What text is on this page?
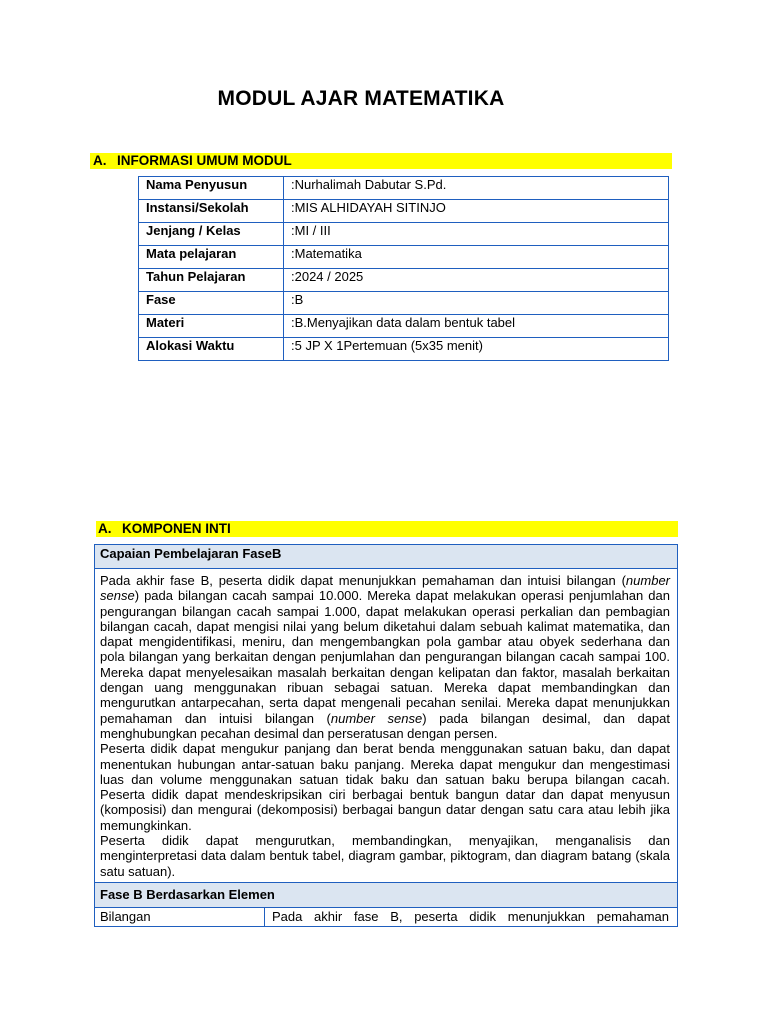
MODUL AJAR MATEMATIKA
A. INFORMASI UMUM MODUL
Nama Penyusun	:Nurhalimah Dabutar S.Pd.
Instansi/Sekolah	:MIS ALHIDAYAH SITINJO
Jenjang / Kelas	:MI / III
Mata pelajaran	:Matematika
Tahun Pelajaran	:2024 / 2025
Fase	:B
Materi	:B.Menyajikan data dalam bentuk tabel
Alokasi Waktu	:5 JP X 1Pertemuan (5x35 menit)
A. KOMPONEN INTI
Capaian Pembelajaran FaseB

Pada akhir fase B, peserta didik dapat menunjukkan pemahaman dan intuisi bilangan (number sense) pada bilangan cacah sampai 10.000. Mereka dapat melakukan operasi penjumlahan dan pengurangan bilangan cacah sampai 1.000, dapat melakukan operasi perkalian dan pembagian bilangan cacah, dapat mengisi nilai yang belum diketahui dalam sebuah kalimat matematika, dan dapat mengidentifikasi, meniru, dan mengembangkan pola gambar atau obyek sederhana dan pola bilangan yang berkaitan dengan penjumlahan dan pengurangan bilangan cacah sampai 100. Mereka dapat menyelesaikan masalah berkaitan dengan kelipatan dan faktor, masalah berkaitan dengan uang menggunakan ribuan sebagai satuan. Mereka dapat membandingkan dan mengurutkan antarpecahan, serta dapat mengenali pecahan senilai. Mereka dapat menunjukkan pemahaman dan intuisi bilangan (number sense) pada bilangan desimal, dan dapat menghubungkan pecahan desimal dan perseratusan dengan persen.

Peserta didik dapat mengukur panjang dan berat benda menggunakan satuan baku, dan dapat menentukan hubungan antar-satuan baku panjang. Mereka dapat mengukur dan mengestimasi luas dan volume menggunakan satuan tidak baku dan satuan baku berupa bilangan cacah. Peserta didik dapat mendeskripsikan ciri berbagai bentuk bangun datar dan dapat menyusun (komposisi) dan mengurai (dekomposisi) berbagai bangun datar dengan satu cara atau lebih jika memungkinkan.

Peserta didik dapat mengurutkan, membandingkan, menyajikan, menganalisis dan menginterpretasi data dalam bentuk tabel, diagram gambar, piktogram, dan diagram batang (skala satu satuan).

Fase B Berdasarkan Elemen
Bilangan	Pada akhir fase B, peserta didik menunjukkan pemahaman
